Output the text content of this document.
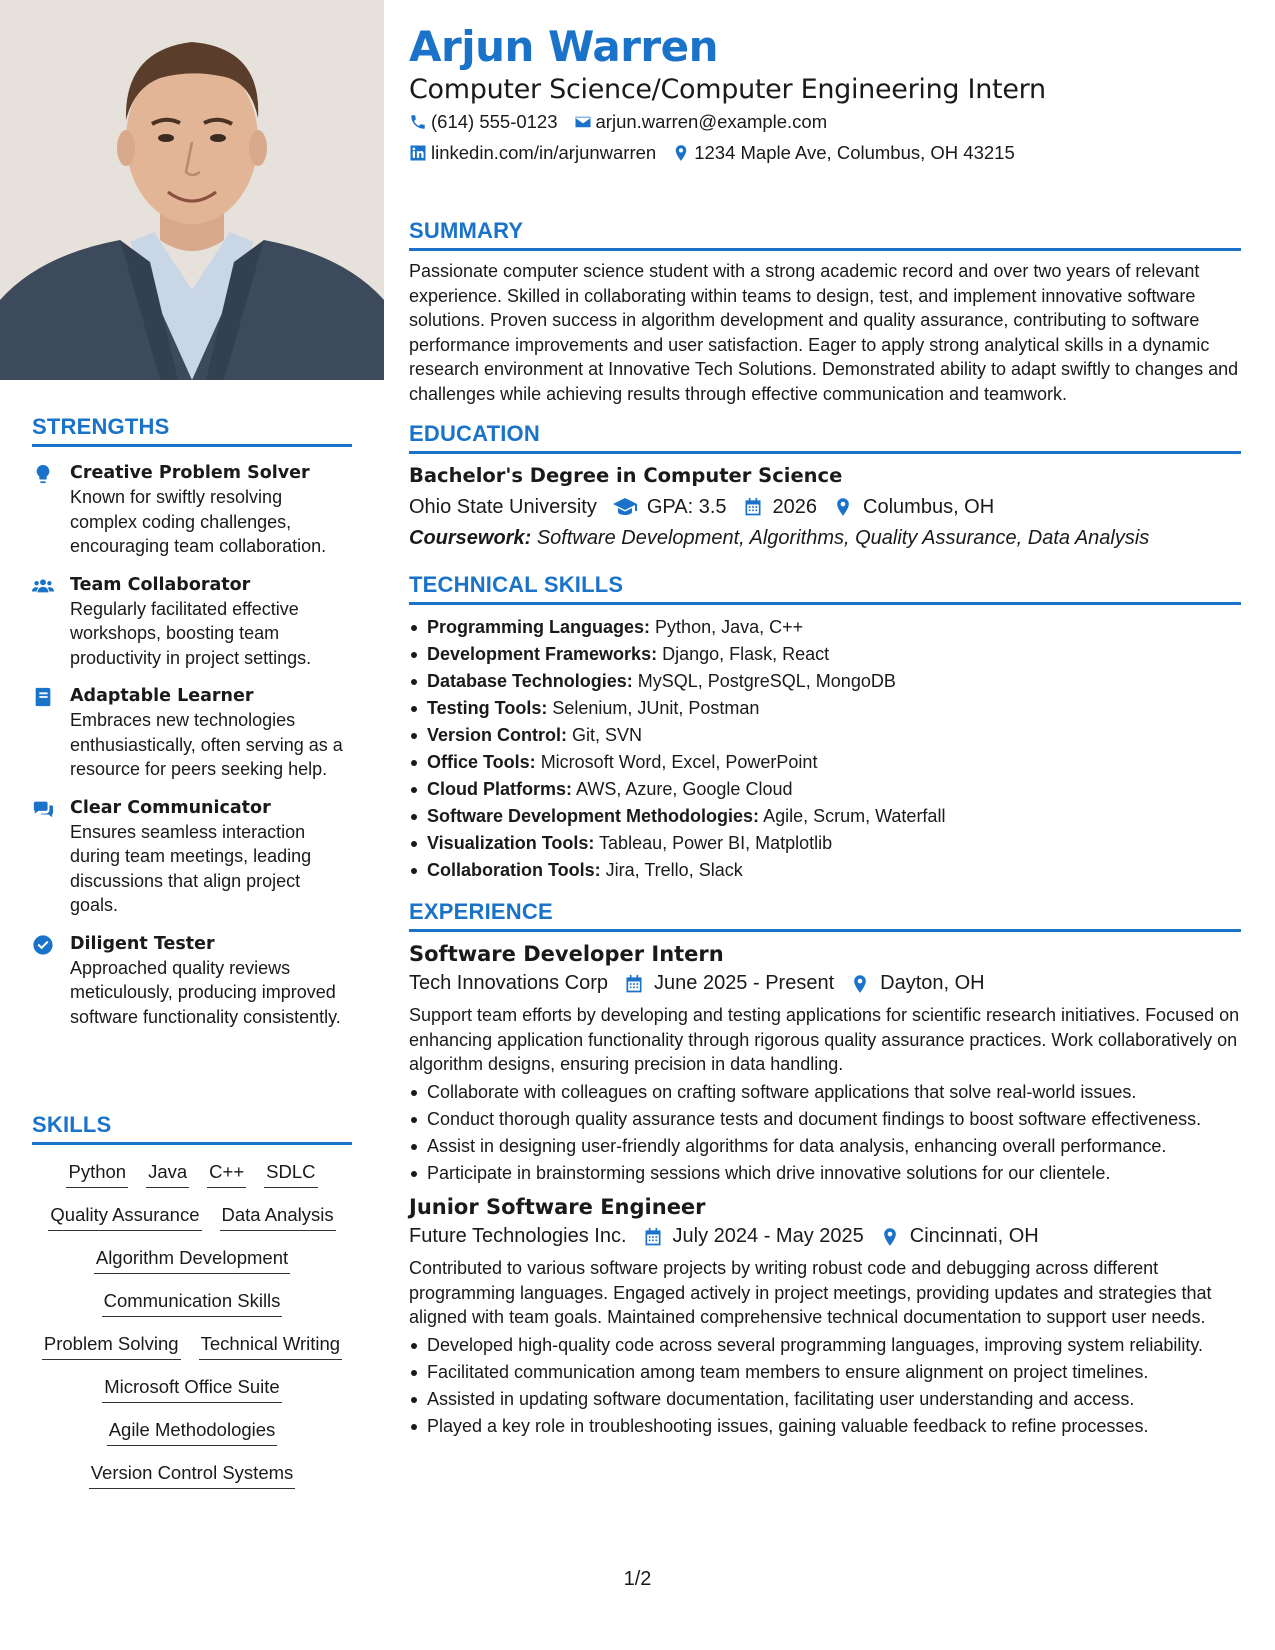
STRENGTHS
Creative Problem Solver
Known for swiftly resolving complex coding challenges, encouraging team collaboration.
Team Collaborator
Regularly facilitated effective workshops, boosting team productivity in project settings.
Adaptable Learner
Embraces new technologies enthusiastically, often serving as a resource for peers seeking help.
Clear Communicator
Ensures seamless interaction during team meetings, leading discussions that align project goals.
Diligent Tester
Approached quality reviews meticulously, producing improved software functionality consistently.
SKILLS
Python Java C++ SDLC
Quality Assurance Data Analysis
Algorithm Development
Communication Skills
Problem Solving Technical Writing
Microsoft Office Suite
Agile Methodologies
Version Control Systems
Arjun Warren
Computer Science/Computer Engineering Intern
(614) 555-0123 arjun.warren@example.com
linkedin.com/in/arjunwarren 1234 Maple Ave, Columbus, OH 43215
SUMMARY
Passionate computer science student with a strong academic record and over two years of relevant experience. Skilled in collaborating within teams to design, test, and implement innovative software solutions. Proven success in algorithm development and quality assurance, contributing to software performance improvements and user satisfaction. Eager to apply strong analytical skills in a dynamic research environment at Innovative Tech Solutions. Demonstrated ability to adapt swiftly to changes and challenges while achieving results through effective communication and teamwork.
EDUCATION
Bachelor's Degree in Computer Science
Ohio State University	GPA: 3.5 2026 Columbus, OH
Coursework: Software Development, Algorithms, Quality Assurance, Data Analysis
TECHNICAL SKILLS
Programming Languages: Python, Java, C++
Development Frameworks: Django, Flask, React
Database Technologies: MySQL, PostgreSQL, MongoDB
Testing Tools: Selenium, JUnit, Postman
Version Control: Git, SVN
Office Tools: Microsoft Word, Excel, PowerPoint
Cloud Platforms: AWS, Azure, Google Cloud
Software Development Methodologies: Agile, Scrum, Waterfall
Visualization Tools: Tableau, Power BI, Matplotlib
Collaboration Tools: Jira, Trello, Slack
EXPERIENCE
Software Developer Intern
Tech Innovations Corp June 2025 - Present Dayton, OH
Support team efforts by developing and testing applications for scientific research initiatives. Focused on enhancing application functionality through rigorous quality assurance practices. Work collaboratively on algorithm designs, ensuring precision in data handling.
Collaborate with colleagues on crafting software applications that solve real-world issues.
Conduct thorough quality assurance tests and document findings to boost software effectiveness.
Assist in designing user-friendly algorithms for data analysis, enhancing overall performance.
Participate in brainstorming sessions which drive innovative solutions for our clientele.
Junior Software Engineer
Future Technologies Inc. July 2024 - May 2025 Cincinnati, OH
Contributed to various software projects by writing robust code and debugging across different programming languages. Engaged actively in project meetings, providing updates and strategies that aligned with team goals. Maintained comprehensive technical documentation to support user needs.
Developed high-quality code across several programming languages, improving system reliability.
Facilitated communication among team members to ensure alignment on project timelines.
Assisted in updating software documentation, facilitating user understanding and access.
Played a key role in troubleshooting issues, gaining valuable feedback to refine processes.
1/2
